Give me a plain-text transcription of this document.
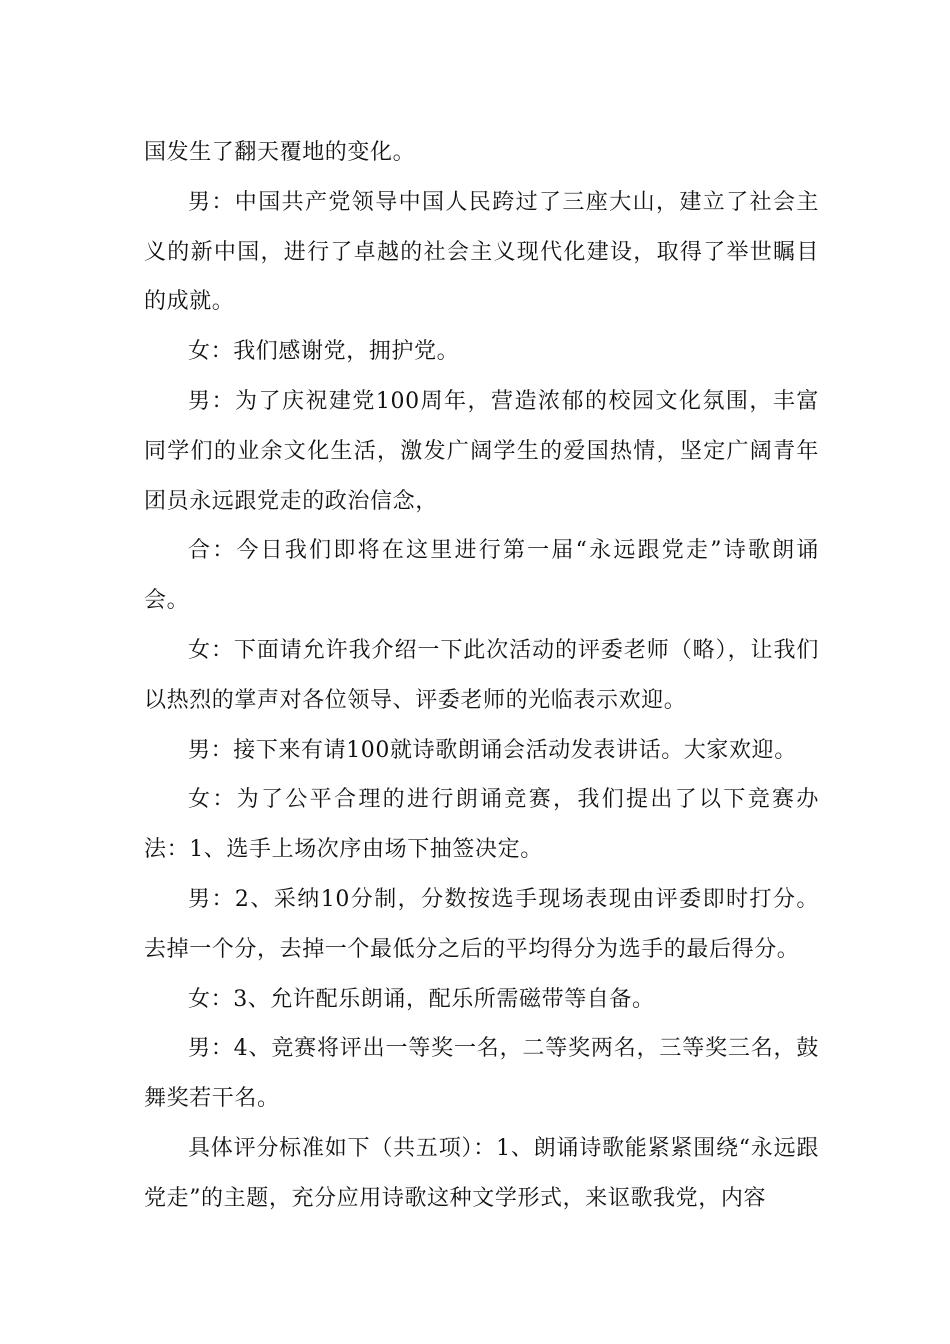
国发生了翻天覆地的变化。

男：中国共产党领导中国人民跨过了三座大山，建立了社会主义的新中国，进行了卓越的社会主义现代化建设，取得了举世瞩目的成就。

女：我们感谢党，拥护党。

男：为了庆祝建党100周年，营造浓郁的校园文化氛围，丰富同学们的业余文化生活，激发广阔学生的爱国热情，坚定广阔青年团员永远跟党走的政治信念，

合：今日我们即将在这里进行第一届“永远跟党走”诗歌朗诵会。

女：下面请允许我介绍一下此次活动的评委老师（略），让我们以热烈的掌声对各位领导、评委老师的光临表示欢迎。

男：接下来有请100就诗歌朗诵会活动发表讲话。大家欢迎。

女：为了公平合理的进行朗诵竞赛，我们提出了以下竞赛办法：1、选手上场次序由场下抽签决定。

男：2、采纳10分制，分数按选手现场表现由评委即时打分。去掉一个分，去掉一个最低分之后的平均得分为选手的最后得分。

女：3、允许配乐朗诵，配乐所需磁带等自备。

男：4、竞赛将评出一等奖一名，二等奖两名，三等奖三名，鼓舞奖若干名。

具体评分标准如下（共五项）：1、朗诵诗歌能紧紧围绕“永远跟党走”的主题，充分应用诗歌这种文学形式，来讴歌我党，内容
